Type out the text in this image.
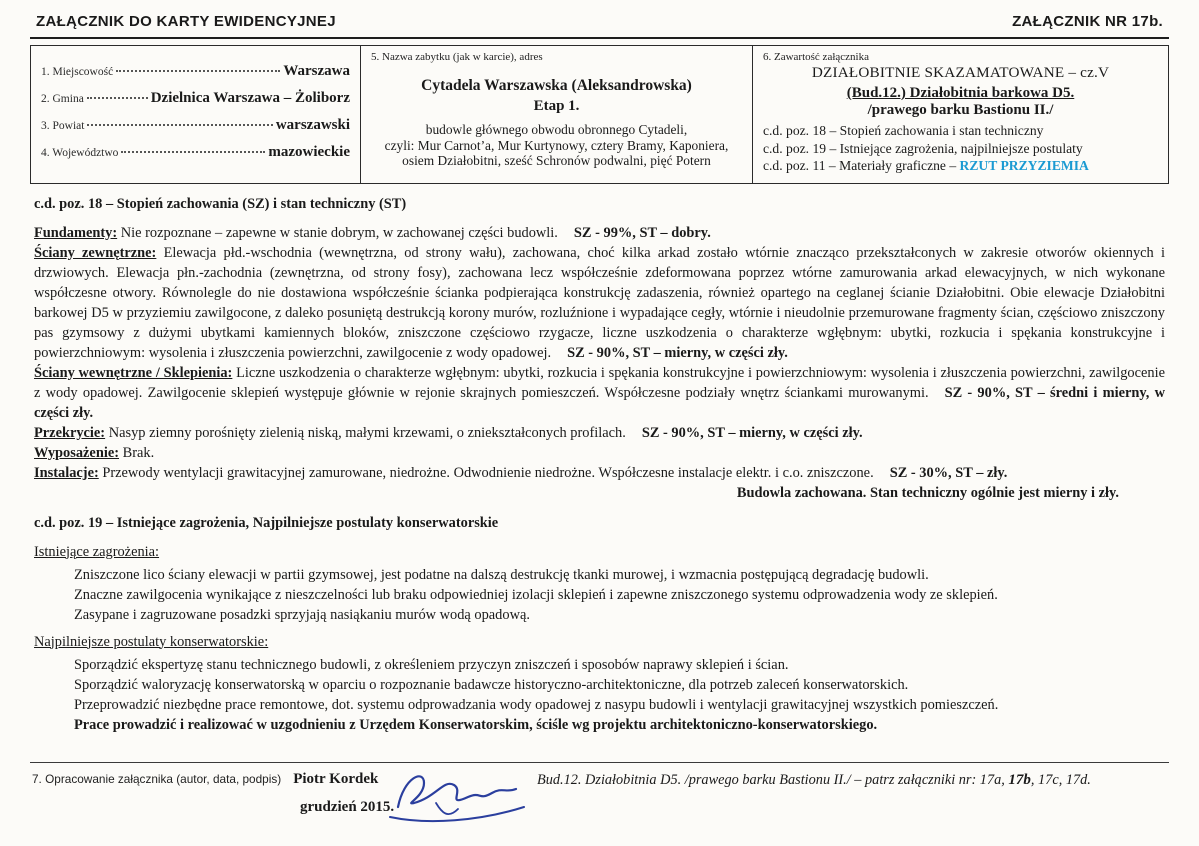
ZAŁĄCZNIK DO KARTY EWIDENCYJNEJ	ZAŁĄCZNIK NR 17b.
1. Miejscowość	Warszawa
2. Gmina	Dzielnica Warszawa – Żoliborz
3. Powiat	warszawski
4. Województwo	mazowieckie
5. Nazwa zabytku (jak w karcie), adres
Cytadela Warszawska (Aleksandrowska)
Etap 1.
budowle głównego obwodu obronnego Cytadeli,
czyli: Mur Carnot’a, Mur Kurtynowy, cztery Bramy, Kaponiera,
osiem Działobitni, sześć Schronów podwalni, pięć Potern
6. Zawartość załącznika
DZIAŁOBITNIE SKAZAMATOWANE – cz.V
(Bud.12.) Działobitnia barkowa D5.
/prawego barku Bastionu II./
c.d. poz. 18 – Stopień zachowania i stan techniczny
c.d. poz. 19 – Istniejące zagrożenia, najpilniejsze postulaty
c.d. poz. 11 – Materiały graficzne – RZUT PRZYZIEMIA
c.d. poz. 18 – Stopień zachowania (SZ) i stan techniczny (ST)

Fundamenty: Nie rozpoznane – zapewne w stanie dobrym, w zachowanej części budowli. SZ - 99%, ST – dobry.

Ściany zewnętrzne: Elewacja płd.-wschodnia (wewnętrzna, od strony wału), zachowana, choć kilka arkad zostało wtórnie znacząco przekształconych w zakresie otworów okiennych i drzwiowych. Elewacja płn.-zachodnia (zewnętrzna, od strony fosy), zachowana lecz współcześnie zdeformowana poprzez wtórne zamurowania arkad elewacyjnych, w nich wykonane współczesne otwory. Równolegle do nie dostawiona współcześnie ścianka podpierająca konstrukcję zadaszenia, również opartego na ceglanej ścianie Działobitni. Obie elewacje Działobitni barkowej D5 w przyziemiu zawilgocone, z daleko posuniętą destrukcją korony murów, rozluźnione i wypadające cegły, wtórnie i nieudolnie przemurowane fragmenty ścian, częściowo zniszczony pas gzymsowy z dużymi ubytkami kamiennych bloków, zniszczone częściowo rzygacze, liczne uszkodzenia o charakterze wgłębnym: ubytki, rozkucia i spękania konstrukcyjne i powierzchniowym: wysolenia i złuszczenia powierzchni, zawilgocenie z wody opadowej. SZ - 90%, ST – mierny, w części zły.

Ściany wewnętrzne / Sklepienia: Liczne uszkodzenia o charakterze wgłębnym: ubytki, rozkucia i spękania konstrukcyjne i powierzchniowym: wysolenia i złuszczenia powierzchni, zawilgocenie z wody opadowej. Zawilgocenie sklepień występuje głównie w rejonie skrajnych pomieszczeń. Współczesne podziały wnętrz ściankami murowanymi. SZ - 90%, ST – średni i mierny, w części zły.

Przekrycie: Nasyp ziemny porośnięty zielenią niską, małymi krzewami, o zniekształconych profilach. SZ - 90%, ST – mierny, w części zły.

Wyposażenie: Brak.

Instalacje: Przewody wentylacji grawitacyjnej zamurowane, niedrożne. Odwodnienie niedrożne. Współczesne instalacje elektr. i c.o. zniszczone. SZ - 30%, ST – zły.

Budowla zachowana. Stan techniczny ogólnie jest mierny i zły.

c.d. poz. 19 – Istniejące zagrożenia, Najpilniejsze postulaty konserwatorskie
Istniejące zagrożenia:

Zniszczone lico ściany elewacji w partii gzymsowej, jest podatne na dalszą destrukcję tkanki murowej, i wzmacnia postępującą degradację budowli.

Znaczne zawilgocenia wynikające z nieszczelności lub braku odpowiedniej izolacji sklepień i zapewne zniszczonego systemu odprowadzenia wody ze sklepień.

Zasypane i zagruzowane posadzki sprzyjają nasiąkaniu murów wodą opadową.

Najpilniejsze postulaty konserwatorskie:

Sporządzić ekspertyzę stanu technicznego budowli, z określeniem przyczyn zniszczeń i sposobów naprawy sklepień i ścian.

Sporządzić waloryzację konserwatorską w oparciu o rozpoznanie badawcze historyczno-architektoniczne, dla potrzeb zaleceń konserwatorskich.

Przeprowadzić niezbędne prace remontowe, dot. systemu odprowadzania wody opadowej z nasypu budowli i wentylacji grawitacyjnej wszystkich pomieszczeń.

Prace prowadzić i realizować w uzgodnieniu z Urzędem Konserwatorskim, ściśle wg projektu architektoniczno-konserwatorskiego.

7. Opracowanie załącznika (autor, data, podpis) Piotr Kordek
grudzień 2015.
Bud.12. Działobitnia D5. /prawego barku Bastionu II./ – patrz załączniki nr: 17a, 17b, 17c, 17d.
